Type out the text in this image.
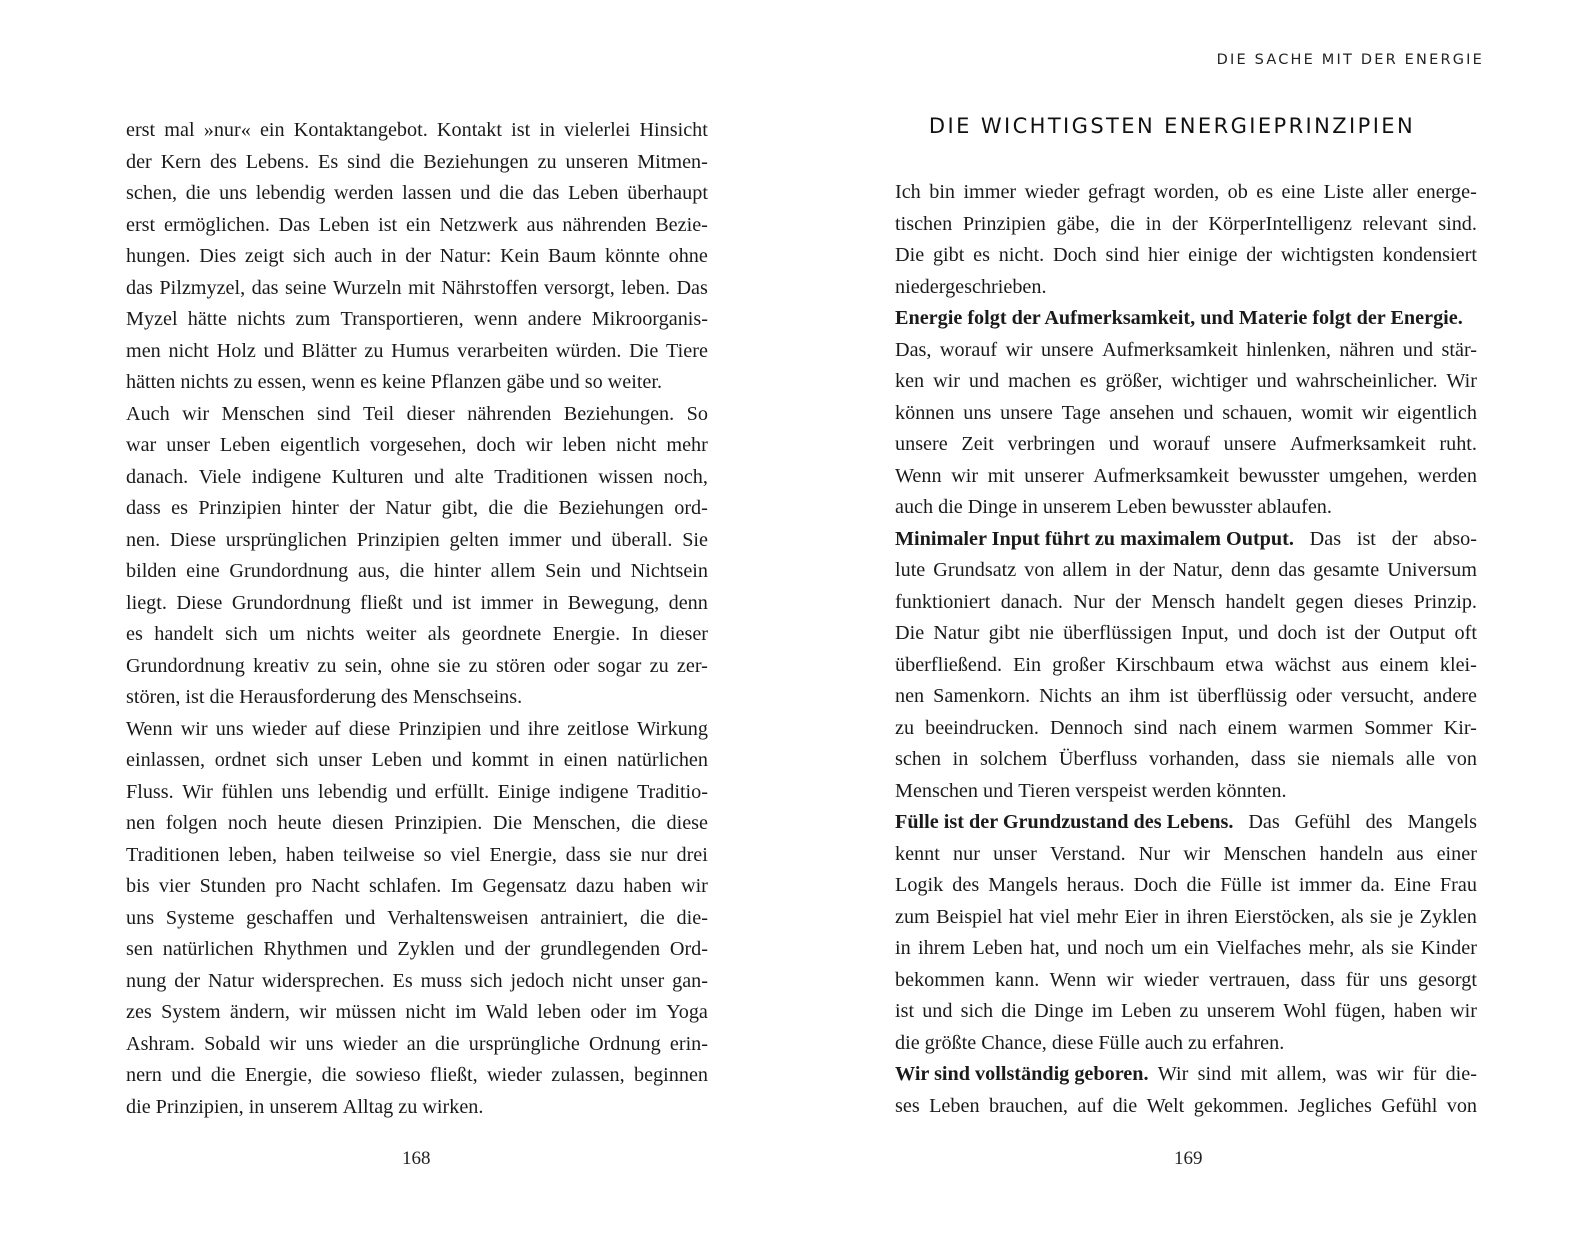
erst mal »nur« ein Kontaktangebot. Kontakt ist in vielerlei Hinsicht
der Kern des Lebens. Es sind die Beziehungen zu unseren Mitmen-
schen, die uns lebendig werden lassen und die das Leben überhaupt
erst ermöglichen. Das Leben ist ein Netzwerk aus nährenden Bezie-
hungen. Dies zeigt sich auch in der Natur: Kein Baum könnte ohne
das Pilzmyzel, das seine Wurzeln mit Nährstoffen versorgt, leben. Das
Myzel hätte nichts zum Transportieren, wenn andere Mikroorganis-
men nicht Holz und Blätter zu Humus verarbeiten würden. Die Tiere
hätten nichts zu essen, wenn es keine Pflanzen gäbe und so weiter.
Auch wir Menschen sind Teil dieser nährenden Beziehungen. So
war unser Leben eigentlich vorgesehen, doch wir leben nicht mehr
danach. Viele indigene Kulturen und alte Traditionen wissen noch,
dass es Prinzipien hinter der Natur gibt, die die Beziehungen ord-
nen. Diese ursprünglichen Prinzipien gelten immer und überall. Sie
bilden eine Grundordnung aus, die hinter allem Sein und Nichtsein
liegt. Diese Grundordnung fließt und ist immer in Bewegung, denn
es handelt sich um nichts weiter als geordnete Energie. In dieser
Grundordnung kreativ zu sein, ohne sie zu stören oder sogar zu zer-
stören, ist die Herausforderung des Menschseins.
Wenn wir uns wieder auf diese Prinzipien und ihre zeitlose Wirkung
einlassen, ordnet sich unser Leben und kommt in einen natürlichen
Fluss. Wir fühlen uns lebendig und erfüllt. Einige indigene Traditio-
nen folgen noch heute diesen Prinzipien. Die Menschen, die diese
Traditionen leben, haben teilweise so viel Energie, dass sie nur drei
bis vier Stunden pro Nacht schlafen. Im Gegensatz dazu haben wir
uns Systeme geschaffen und Verhaltensweisen antrainiert, die die-
sen natürlichen Rhythmen und Zyklen und der grundlegenden Ord-
nung der Natur widersprechen. Es muss sich jedoch nicht unser gan-
zes System ändern, wir müssen nicht im Wald leben oder im Yoga
Ashram. Sobald wir uns wieder an die ursprüngliche Ordnung erin-
nern und die Energie, die sowieso fließt, wieder zulassen, beginnen
die Prinzipien, in unserem Alltag zu wirken.
168
DIE SACHE MIT DER ENERGIE
DIE WICHTIGSTEN ENERGIEPRINZIPIEN
Ich bin immer wieder gefragt worden, ob es eine Liste aller energe-
tischen Prinzipien gäbe, die in der KörperIntelligenz relevant sind.
Die gibt es nicht. Doch sind hier einige der wichtigsten kondensiert
niedergeschrieben.
Energie folgt der Aufmerksamkeit, und Materie folgt der Energie.
Das, worauf wir unsere Aufmerksamkeit hinlenken, nähren und stär-
ken wir und machen es größer, wichtiger und wahrscheinlicher. Wir
können uns unsere Tage ansehen und schauen, womit wir eigentlich
unsere Zeit verbringen und worauf unsere Aufmerksamkeit ruht.
Wenn wir mit unserer Aufmerksamkeit bewusster umgehen, werden
auch die Dinge in unserem Leben bewusster ablaufen.
Minimaler Input führt zu maximalem Output. Das ist der abso-
lute Grundsatz von allem in der Natur, denn das gesamte Universum
funktioniert danach. Nur der Mensch handelt gegen dieses Prinzip.
Die Natur gibt nie überflüssigen Input, und doch ist der Output oft
überfließend. Ein großer Kirschbaum etwa wächst aus einem klei-
nen Samenkorn. Nichts an ihm ist überflüssig oder versucht, andere
zu beeindrucken. Dennoch sind nach einem warmen Sommer Kir-
schen in solchem Überfluss vorhanden, dass sie niemals alle von
Menschen und Tieren verspeist werden könnten.
Fülle ist der Grundzustand des Lebens. Das Gefühl des Mangels
kennt nur unser Verstand. Nur wir Menschen handeln aus einer
Logik des Mangels heraus. Doch die Fülle ist immer da. Eine Frau
zum Beispiel hat viel mehr Eier in ihren Eierstöcken, als sie je Zyklen
in ihrem Leben hat, und noch um ein Vielfaches mehr, als sie Kinder
bekommen kann. Wenn wir wieder vertrauen, dass für uns gesorgt
ist und sich die Dinge im Leben zu unserem Wohl fügen, haben wir
die größte Chance, diese Fülle auch zu erfahren.
Wir sind vollständig geboren. Wir sind mit allem, was wir für die-
ses Leben brauchen, auf die Welt gekommen. Jegliches Gefühl von
169
